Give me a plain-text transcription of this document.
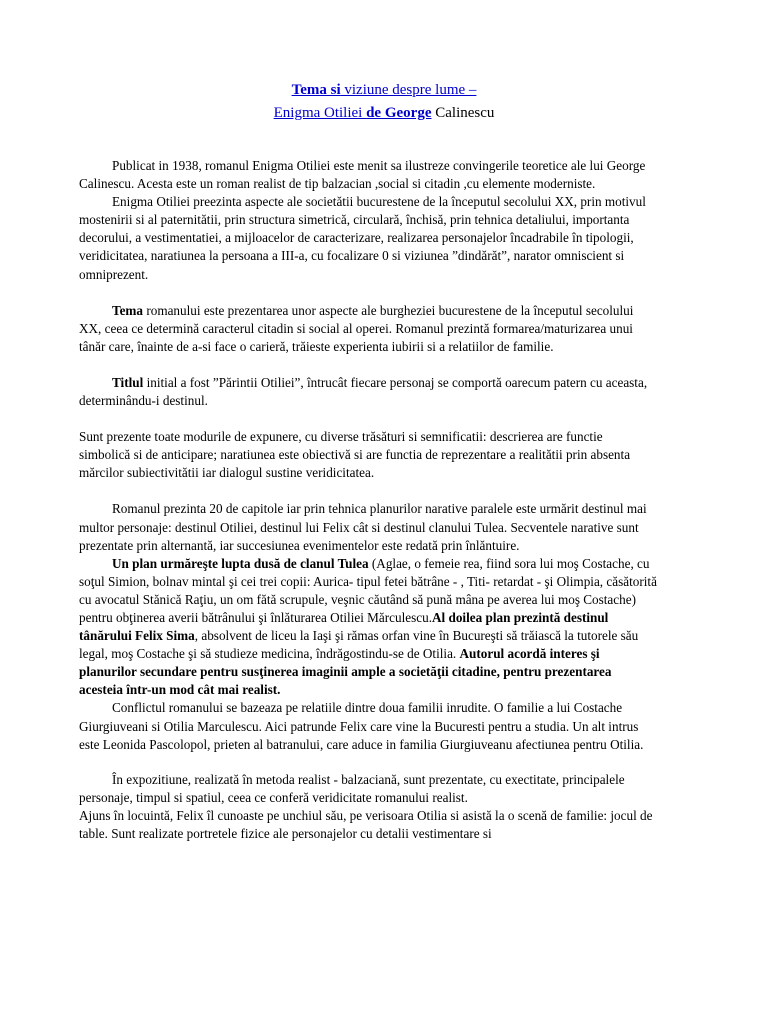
Tema si viziune despre lume –
Enigma Otiliei de George Calinescu

Publicat in 1938, romanul Enigma Otiliei este menit sa ilustreze convingerile teoretice ale lui George Calinescu. Acesta este un roman realist de tip balzacian ,social si citadin ,cu elemente moderniste.

Enigma Otiliei preezinta aspecte ale societătii bucurestene de la începutul secolului XX, prin motivul mostenirii si al paternitătii, prin structura simetrică, circulară, închisă, prin tehnica detaliului, importanta decorului, a vestimentatiei, a mijloacelor de caracterizare, realizarea personajelor încadrabile în tipologii, veridicitatea, naratiunea la persoana a III-a, cu focalizare 0 si viziunea ”dindărăt”, narator omniscient si omniprezent.

Tema romanului este prezentarea unor aspecte ale burgheziei bucurestene de la începutul secolului XX, ceea ce determină caracterul citadin si social al operei. Romanul prezintă formarea/maturizarea unui tânăr care, înainte de a-si face o carieră, trăieste experienta iubirii si a relatiilor de familie.

Titlul initial a fost ”Părintii Otiliei”, întrucât fiecare personaj se comportă oarecum patern cu aceasta, determinându-i destinul.

Sunt prezente toate modurile de expunere, cu diverse trăsături si semnificatii: descrierea are functie simbolică si de anticipare; naratiunea este obiectivă si are functia de reprezentare a realitătii prin absenta mărcilor subiectivitătii iar dialogul sustine veridicitatea.

Romanul prezinta 20 de capitole iar prin tehnica planurilor narative paralele este urmărit destinul mai multor personaje: destinul Otiliei, destinul lui Felix cât si destinul clanului Tulea. Secventele narative sunt prezentate prin alternantă, iar succesiunea evenimentelor este redată prin înlăntuire.

Un plan urmăreşte lupta dusă de clanul Tulea (Aglae, o femeie rea, fiind sora lui moş Costache, cu soţul Simion, bolnav mintal şi cei trei copii: Aurica- tipul fetei bătrâne - , Titi- retardat - şi Olimpia, căsătorită cu avocatul Stănică Raţiu, un om fătă scrupule, veşnic căutând să pună mâna pe averea lui moş Costache) pentru obţinerea averii bătrânului şi înlăturarea Otiliei Mărculescu.Al doilea plan prezintă destinul tânărului Felix Sima, absolvent de liceu la Iaşi şi rămas orfan vine în Bucureşti să trăiască la tutorele său legal, moş Costache şi să studieze medicina, îndrăgostindu-se de Otilia. Autorul acordă interes şi planurilor secundare pentru susţinerea imaginii ample a societăţii citadine, pentru prezentarea acesteia într-un mod cât mai realist.

Conflictul romanului se bazeaza pe relatiile dintre doua familii inrudite. O familie a lui Costache Giurgiuveani si Otilia Marculescu. Aici patrunde Felix care vine la Bucuresti pentru a studia. Un alt intrus este Leonida Pascolopol, prieten al batranului, care aduce in familia Giurgiuveanu afectiunea pentru Otilia.

În expozitiune, realizată în metoda realist - balzaciană, sunt prezentate, cu exectitate, principalele personaje, timpul si spatiul, ceea ce conferă veridicitate romanului realist.

Ajuns în locuintă, Felix îl cunoaste pe unchiul său, pe verisoara Otilia si asistă la o scenă de familie: jocul de table. Sunt realizate portretele fizice ale personajelor cu detalii vestimentare si
